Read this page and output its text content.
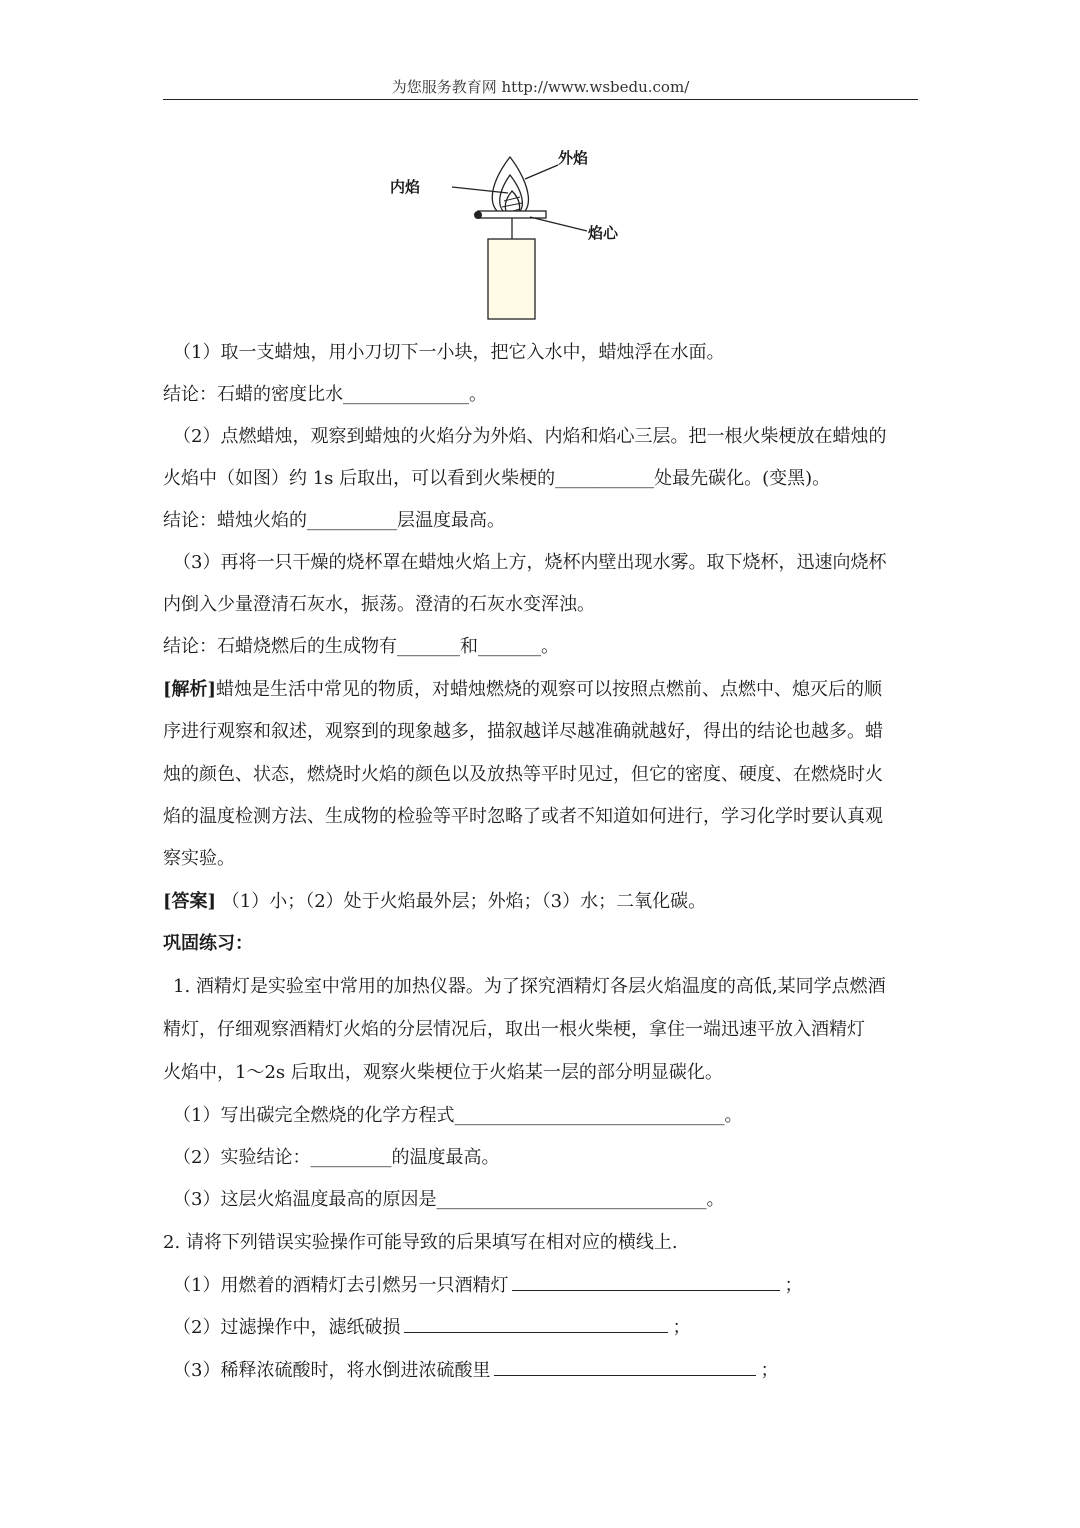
为您服务教育网 http://www.wsbedu.com/
外焰
内焰
焰心
（1）取一支蜡烛，用小刀切下一小块，把它入水中，蜡烛浮在水面。
结论：石蜡的密度比水______________。
（2）点燃蜡烛，观察到蜡烛的火焰分为外焰、内焰和焰心三层。把一根火柴梗放在蜡烛的
火焰中（如图）约 1s 后取出，可以看到火柴梗的___________处最先碳化。(变黑)。
结论：蜡烛火焰的__________层温度最高。
（3）再将一只干燥的烧杯罩在蜡烛火焰上方，烧杯内壁出现水雾。取下烧杯，迅速向烧杯
内倒入少量澄清石灰水，振荡。澄清的石灰水变浑浊。
结论：石蜡烧燃后的生成物有_______和_______。
[解析]蜡烛是生活中常见的物质，对蜡烛燃烧的观察可以按照点燃前、点燃中、熄灭后的顺
序进行观察和叙述，观察到的现象越多，描叙越详尽越准确就越好，得出的结论也越多。蜡
烛的颜色、状态，燃烧时火焰的颜色以及放热等平时见过，但它的密度、硬度、在燃烧时火
焰的温度检测方法、生成物的检验等平时忽略了或者不知道如何进行，学习化学时要认真观
察实验。
[答案] （1）小；（2）处于火焰最外层；外焰；（3）水；二氧化碳。
巩固练习：
1. 酒精灯是实验室中常用的加热仪器。为了探究酒精灯各层火焰温度的高低,某同学点燃酒
精灯，仔细观察酒精灯火焰的分层情况后，取出一根火柴梗，拿住一端迅速平放入酒精灯
火焰中，1～2s 后取出，观察火柴梗位于火焰某一层的部分明显碳化。
（1）写出碳完全燃烧的化学方程式______________________________。
（2）实验结论：_________的温度最高。
（3）这层火焰温度最高的原因是______________________________。
2. 请将下列错误实验操作可能导致的后果填写在相对应的横线上.
（1）用燃着的酒精灯去引燃另一只酒精灯	；
（2）过滤操作中，滤纸破损	；
（3）稀释浓硫酸时，将水倒进浓硫酸里	；
